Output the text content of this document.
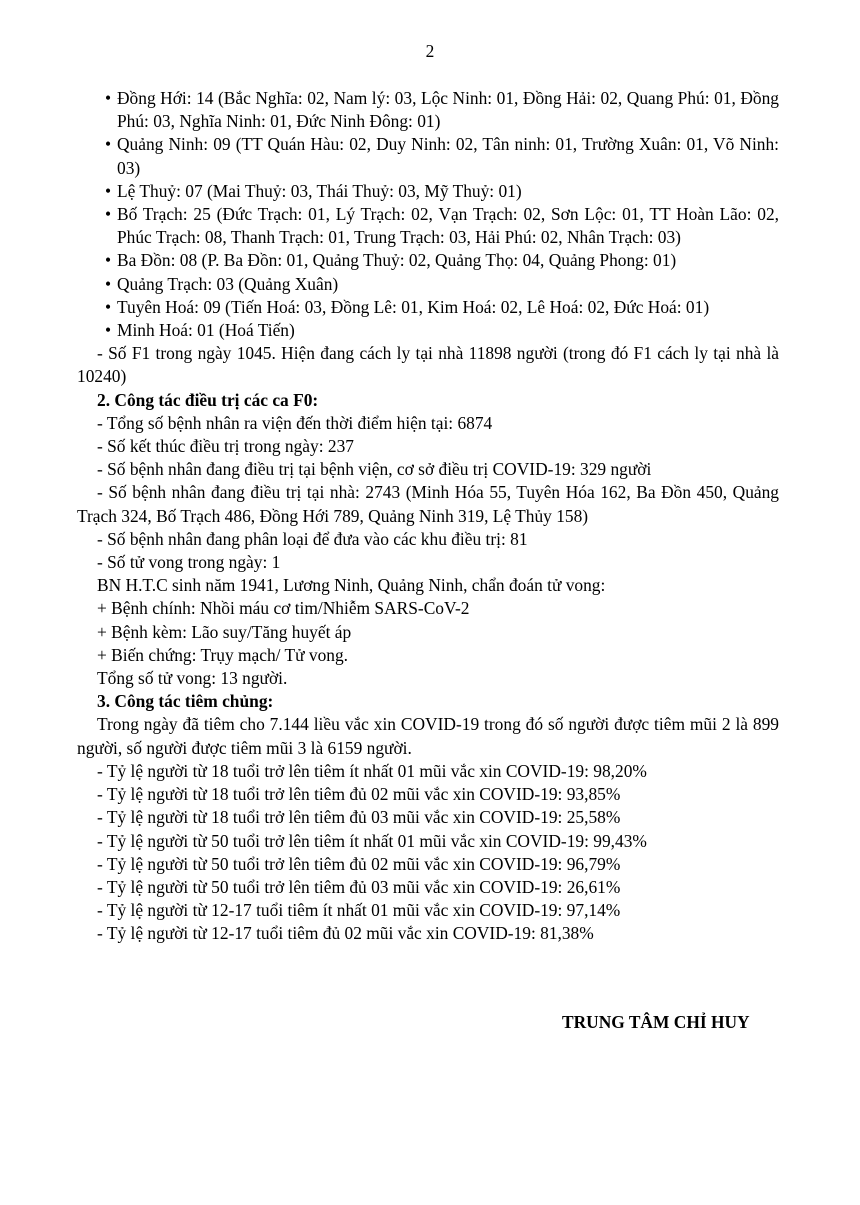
2
• Đồng Hới: 14 (Bắc Nghĩa: 02, Nam lý: 03, Lộc Ninh: 01, Đồng Hải: 02, Quang Phú: 01, Đồng Phú: 03, Nghĩa Ninh: 01, Đức Ninh Đông: 01)
• Quảng Ninh: 09 (TT Quán Hàu: 02, Duy Ninh: 02, Tân ninh: 01, Trường Xuân: 01, Võ Ninh: 03)
• Lệ Thuỷ: 07 (Mai Thuỷ: 03, Thái Thuỷ: 03, Mỹ Thuỷ: 01)
• Bố Trạch: 25 (Đức Trạch: 01, Lý Trạch: 02, Vạn Trạch: 02, Sơn Lộc: 01, TT Hoàn Lão: 02, Phúc Trạch: 08, Thanh Trạch: 01, Trung Trạch: 03, Hải Phú: 02, Nhân Trạch: 03)
• Ba Đồn: 08 (P. Ba Đồn: 01, Quảng Thuỷ: 02, Quảng Thọ: 04, Quảng Phong: 01)
• Quảng Trạch: 03 (Quảng Xuân)
• Tuyên Hoá: 09 (Tiến Hoá: 03, Đồng Lê: 01, Kim Hoá: 02, Lê Hoá: 02, Đức Hoá: 01)
• Minh Hoá: 01 (Hoá Tiến)
- Số F1 trong ngày 1045. Hiện đang cách ly tại nhà 11898 người (trong đó F1 cách ly tại nhà là 10240)
2. Công tác điều trị các ca F0:
- Tổng số bệnh nhân ra viện đến thời điểm hiện tại: 6874
- Số kết thúc điều trị trong ngày: 237
- Số bệnh nhân đang điều trị tại bệnh viện, cơ sở điều trị COVID-19: 329 người
- Số bệnh nhân đang điều trị tại nhà: 2743 (Minh Hóa 55, Tuyên Hóa 162, Ba Đồn 450, Quảng Trạch 324, Bố Trạch 486, Đồng Hới 789, Quảng Ninh 319, Lệ Thủy 158)
- Số bệnh nhân đang phân loại để đưa vào các khu điều trị: 81
- Số tử vong trong ngày: 1
BN H.T.C sinh năm 1941, Lương Ninh, Quảng Ninh, chẩn đoán tử vong:
+ Bệnh chính: Nhồi máu cơ tim/Nhiễm SARS-CoV-2
+ Bệnh kèm: Lão suy/Tăng huyết áp
+ Biến chứng: Trụy mạch/ Tử vong.
Tổng số tử vong: 13 người.
3. Công tác tiêm chủng:
Trong ngày đã tiêm cho 7.144 liều vắc xin COVID-19 trong đó số người được tiêm mũi 2 là 899 người, số người được tiêm mũi 3 là 6159 người.
- Tỷ lệ người từ 18 tuổi trở lên tiêm ít nhất 01 mũi vắc xin COVID-19: 98,20%
- Tỷ lệ người từ 18 tuổi trở lên tiêm đủ 02 mũi vắc xin COVID-19: 93,85%
- Tỷ lệ người từ 18 tuổi trở lên tiêm đủ 03 mũi vắc xin COVID-19: 25,58%
- Tỷ lệ người từ 50 tuổi trở lên tiêm ít nhất 01 mũi vắc xin COVID-19: 99,43%
- Tỷ lệ người từ 50 tuổi trở lên tiêm đủ 02 mũi vắc xin COVID-19: 96,79%
- Tỷ lệ người từ 50 tuổi trở lên tiêm đủ 03 mũi vắc xin COVID-19: 26,61%
- Tỷ lệ người từ 12-17 tuổi tiêm ít nhất 01 mũi vắc xin COVID-19: 97,14%
- Tỷ lệ người từ 12-17 tuổi tiêm đủ 02 mũi vắc xin COVID-19: 81,38%
TRUNG TÂM CHỈ HUY
